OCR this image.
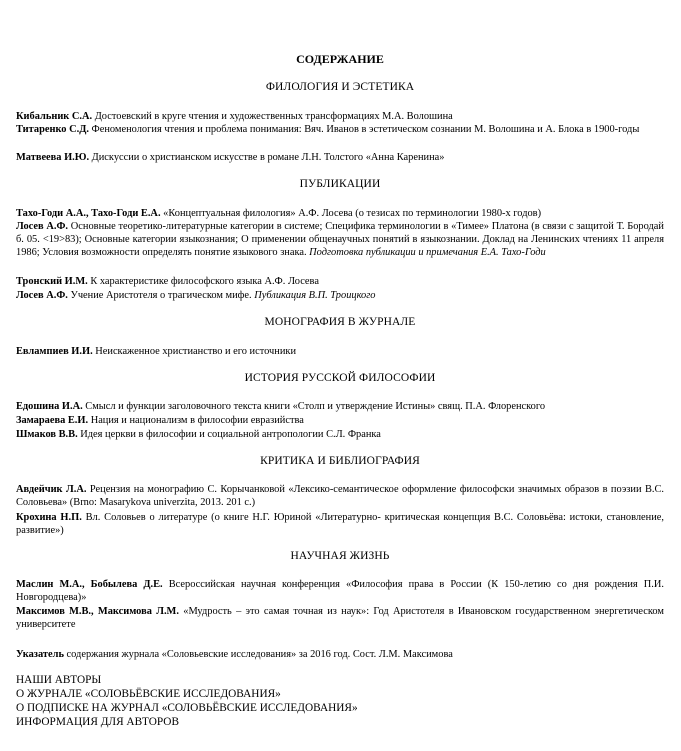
СОДЕРЖАНИЕ
ФИЛОЛОГИЯ И ЭСТЕТИКА
Кибальник С.А. Достоевский в круге чтения и художественных трансформациях М.А. Волошина
Титаренко С.Д. Феноменология чтения и проблема понимания: Вяч. Иванов в эстетическом сознании М. Волошина и А. Блока в 1900-годы
Матвеева И.Ю. Дискуссии о христианском искусстве в романе Л.Н. Толстого «Анна Каренина»
ПУБЛИКАЦИИ
Тахо-Годи А.А., Тахо-Годи Е.А. «Концептуальная филология» А.Ф. Лосева (о тезисах по терминологии 1980-х годов)
Лосев А.Ф. Основные теоретико-литературные категории в системе; Специфика терминологии в «Тимее» Платона (в связи с защитой Т. Бородай б. 05. <19>83); Основные категории языкознания; О применении общенаучных понятий в языкознании. Доклад на Ленинских чтениях 11 апреля 1986; Условия возможности определять понятие языкового знака. Подготовка публикации и примечания Е.А. Тахо-Годи
Тронский И.М. К характеристике философского языка А.Ф. Лосева
Лосев А.Ф. Учение Аристотеля о трагическом мифе. Публикация В.П. Троицкого
МОНОГРАФИЯ В ЖУРНАЛЕ
Евлампиев И.И. Неискаженное христианство и его источники
ИСТОРИЯ РУССКОЙ ФИЛОСОФИИ
Едошина И.А. Смысл и функции заголовочного текста книги «Столп и утверждение Истины» свящ. П.А. Флоренского
Замараева Е.И. Нация и национализм в философии евразийства
Шмаков В.В. Идея церкви в философии и социальной антропологии С.Л. Франка
КРИТИКА И БИБЛИОГРАФИЯ
Авдейчик Л.А. Рецензия на монографию С. Корычанковой «Лексико-семантическое оформление философски значимых образов в поэзии В.С. Соловьева» (Brno: Masarykova univerzita, 2013. 201 с.)
Крохина Н.П. Вл. Соловьев о литературе (о книге Н.Г. Юриной «Литературно- критическая концепция В.С. Соловьёва: истоки, становление, развитие»)
НАУЧНАЯ ЖИЗНЬ
Маслин М.А., Бобылева Д.Е. Всероссийская научная конференция «Философия права в России (К 150-летию со дня рождения П.И. Новгородцева)»
Максимов М.В., Максимова Л.М. «Мудрость – это самая точная из наук»: Год Аристотеля в Ивановском государственном энергетическом университете
Указатель содержания журнала «Соловьевские исследования» за 2016 год. Сост. Л.М. Максимова
НАШИ АВТОРЫ
О ЖУРНАЛЕ «СОЛОВЬЁВСКИЕ ИССЛЕДОВАНИЯ»
О ПОДПИСКЕ НА ЖУРНАЛ «СОЛОВЬЁВСКИЕ ИССЛЕДОВАНИЯ»
ИНФОРМАЦИЯ ДЛЯ АВТОРОВ
